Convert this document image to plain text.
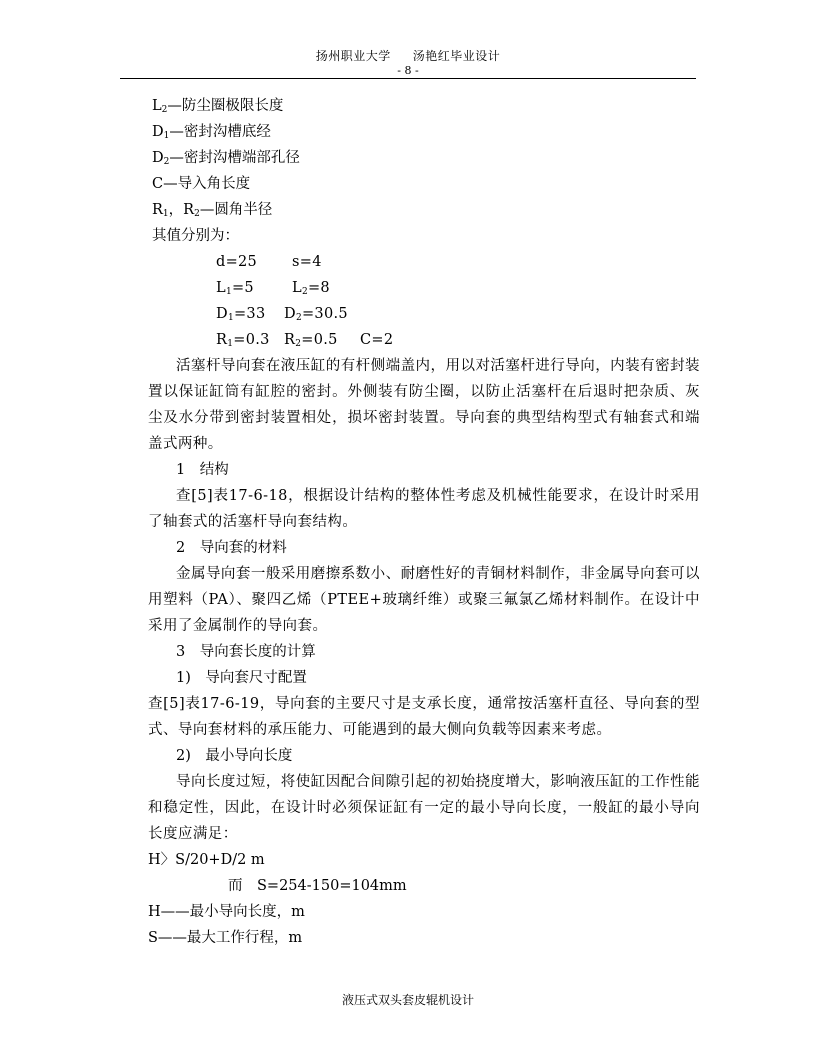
扬州职业大学 汤艳红毕业设计
- 8 -
$L_2—$防尘圈极限长度
$D_1—$密封沟槽底经
$D_2—$密封沟槽端部孔径
C—导入角长度
$R_1$，$R_2—$圆角半径
其值分别为：
d=25 s=4
$L_1=5$	$L_2=8$
$D_1=33$ $D_2=30.5$
$R_1=0.3$ $R_2=0.5$ C=2
活塞杆导向套在液压缸的有杆侧端盖内，用以对活塞杆进行导向，内装有密封装置以保证缸筒有缸腔的密封。外侧装有防尘圈，以防止活塞杆在后退时把杂质、灰尘及水分带到密封装置相处，损坏密封装置。导向套的典型结构型式有轴套式和端盖式两种。
1　结构
查[5]表17-6-18，根据设计结构的整体性考虑及机械性能要求，在设计时采用了轴套式的活塞杆导向套结构。
2　导向套的材料
金属导向套一般采用磨擦系数小、耐磨性好的青铜材料制作，非金属导向套可以用塑料（PA）、聚四乙烯（PTEE+玻璃纤维）或聚三氟氯乙烯材料制作。在设计中采用了金属制作的导向套。
3　导向套长度的计算
1)　导向套尺寸配置
查[5]表17-6-19，导向套的主要尺寸是支承长度，通常按活塞杆直径、导向套的型式、导向套材料的承压能力、可能遇到的最大侧向负载等因素来考虑。
2)　最小导向长度
导向长度过短，将使缸因配合间隙引起的初始挠度增大，影响液压缸的工作性能和稳定性，因此，在设计时必须保证缸有一定的最小导向长度，一般缸的最小导向长度应满足：
H〉S/20+D/2 m
而　S=254-150=104mm
H——最小导向长度，m
S——最大工作行程，m
液压式双头套皮辊机设计
